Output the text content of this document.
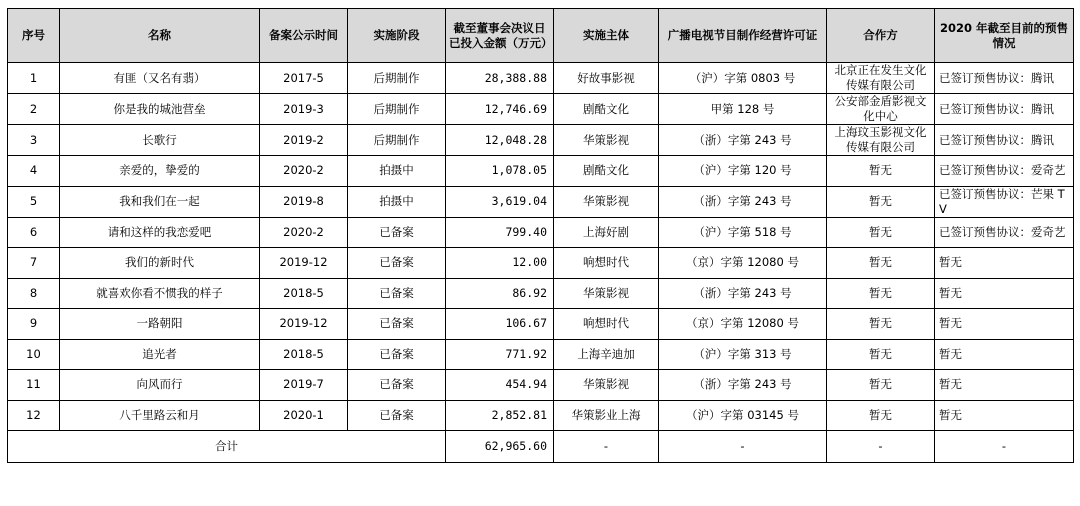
序号	名称	备案公示时间	实施阶段	截至董事会决议日已投入金额（万元）	实施主体	广播电视节目制作经营许可证	合作方	2020 年截至目前的预售情况
1	有匪（又名有翡）	2017-5	后期制作	28,388.88	好故事影视	（沪）字第 0803 号	北京正在发生文化传媒有限公司	已签订预售协议：腾讯
2	你是我的城池营垒	2019-3	后期制作	12,746.69	剧酷文化	甲第 128 号	公安部金盾影视文化中心	已签订预售协议：腾讯
3	长歌行	2019-2	后期制作	12,048.28	华策影视	（浙）字第 243 号	上海玟玉影视文化传媒有限公司	已签订预售协议：腾讯
4	亲爱的，挚爱的	2020-2	拍摄中	1,078.05	剧酷文化	（沪）字第 120 号	暂无	已签订预售协议：爱奇艺
5	我和我们在一起	2019-8	拍摄中	3,619.04	华策影视	（浙）字第 243 号	暂无	已签订预售协议：芒果 TV
6	请和这样的我恋爱吧	2020-2	已备案	799.40	上海好剧	（沪）字第 518 号	暂无	已签订预售协议：爱奇艺
7	我们的新时代	2019-12	已备案	12.00	响想时代	（京）字第 12080 号	暂无	暂无
8	就喜欢你看不惯我的样子	2018-5	已备案	86.92	华策影视	（浙）字第 243 号	暂无	暂无
9	一路朝阳	2019-12	已备案	106.67	响想时代	（京）字第 12080 号	暂无	暂无
10	追光者	2018-5	已备案	771.92	上海辛迪加	（沪）字第 313 号	暂无	暂无
11	向风而行	2019-7	已备案	454.94	华策影视	（浙）字第 243 号	暂无	暂无
12	八千里路云和月	2020-1	已备案	2,852.81	华策影业上海	（沪）字第 03145 号	暂无	暂无
合计				62,965.60	-	-	-	-
